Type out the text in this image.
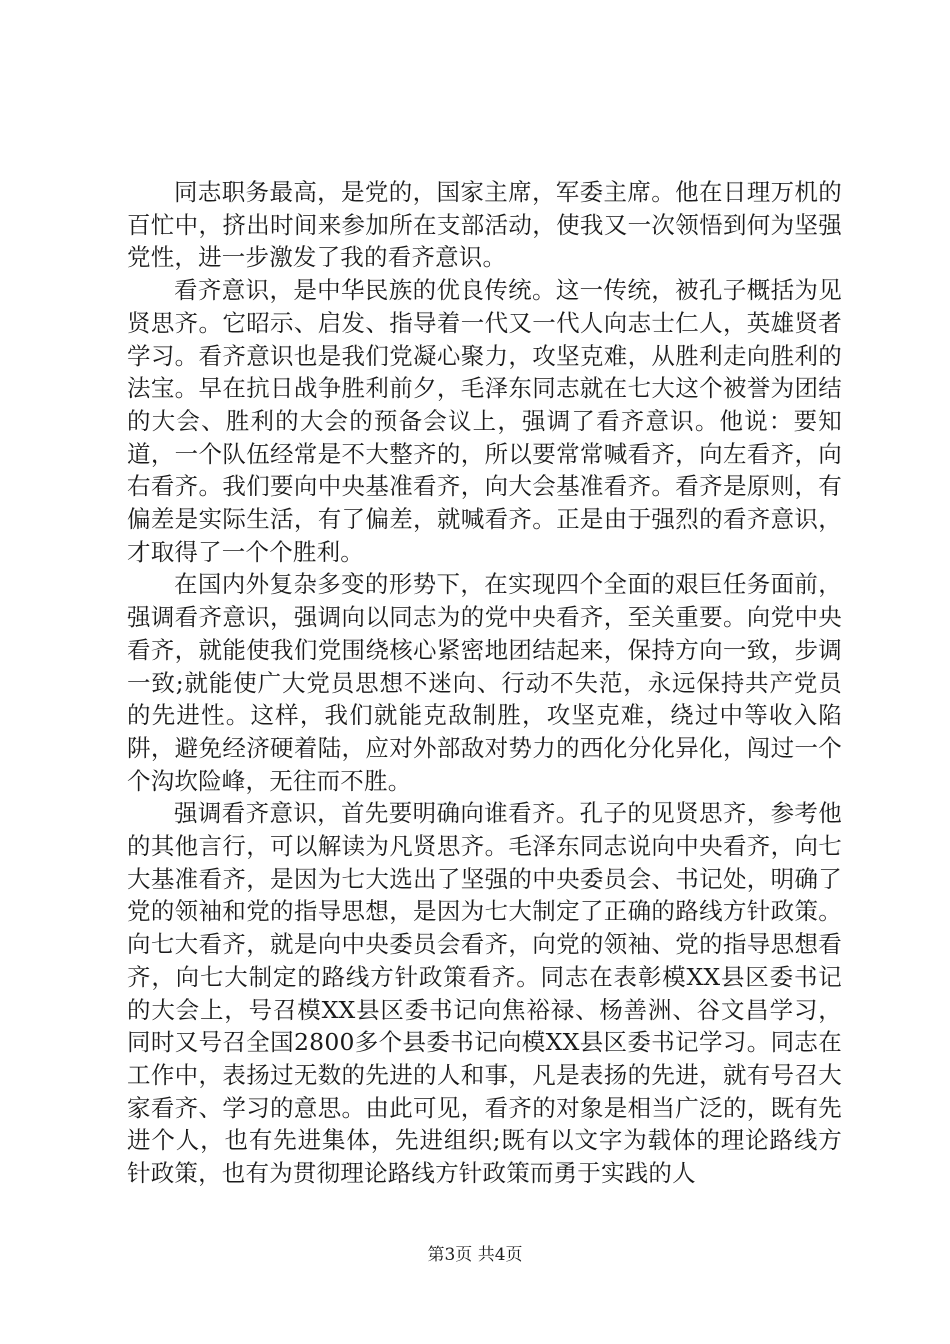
同志职务最高，是党的，国家主席，军委主席。他在日理万机的百忙中，挤出时间来参加所在支部活动，使我又一次领悟到何为坚强党性，进一步激发了我的看齐意识。

看齐意识，是中华民族的优良传统。这一传统，被孔子概括为见贤思齐。它昭示、启发、指导着一代又一代人向志士仁人，英雄贤者学习。看齐意识也是我们党凝心聚力，攻坚克难，从胜利走向胜利的法宝。早在抗日战争胜利前夕，毛泽东同志就在七大这个被誉为团结的大会、胜利的大会的预备会议上，强调了看齐意识。他说：要知道，一个队伍经常是不大整齐的，所以要常常喊看齐，向左看齐，向右看齐。我们要向中央基准看齐，向大会基准看齐。看齐是原则，有偏差是实际生活，有了偏差，就喊看齐。正是由于强烈的看齐意识，才取得了一个个胜利。

在国内外复杂多变的形势下，在实现四个全面的艰巨任务面前，强调看齐意识，强调向以同志为的党中央看齐，至关重要。向党中央看齐，就能使我们党围绕核心紧密地团结起来，保持方向一致，步调一致;就能使广大党员思想不迷向、行动不失范，永远保持共产党员的先进性。这样，我们就能克敌制胜，攻坚克难，绕过中等收入陷阱，避免经济硬着陆，应对外部敌对势力的西化分化异化，闯过一个个沟坎险峰，无往而不胜。

强调看齐意识，首先要明确向谁看齐。孔子的见贤思齐，参考他的其他言行，可以解读为凡贤思齐。毛泽东同志说向中央看齐，向七大基准看齐，是因为七大选出了坚强的中央委员会、书记处，明确了党的领袖和党的指导思想，是因为七大制定了正确的路线方针政策。向七大看齐，就是向中央委员会看齐，向党的领袖、党的指导思想看齐，向七大制定的路线方针政策看齐。同志在表彰模XX县区委书记的大会上，号召模XX县区委书记向焦裕禄、杨善洲、谷文昌学习，同时又号召全国2800多个县委书记向模XX县区委书记学习。同志在工作中，表扬过无数的先进的人和事，凡是表扬的先进，就有号召大家看齐、学习的意思。由此可见，看齐的对象是相当广泛的，既有先进个人，也有先进集体，先进组织;既有以文字为载体的理论路线方针政策，也有为贯彻理论路线方针政策而勇于实践的人

第3页 共4页
